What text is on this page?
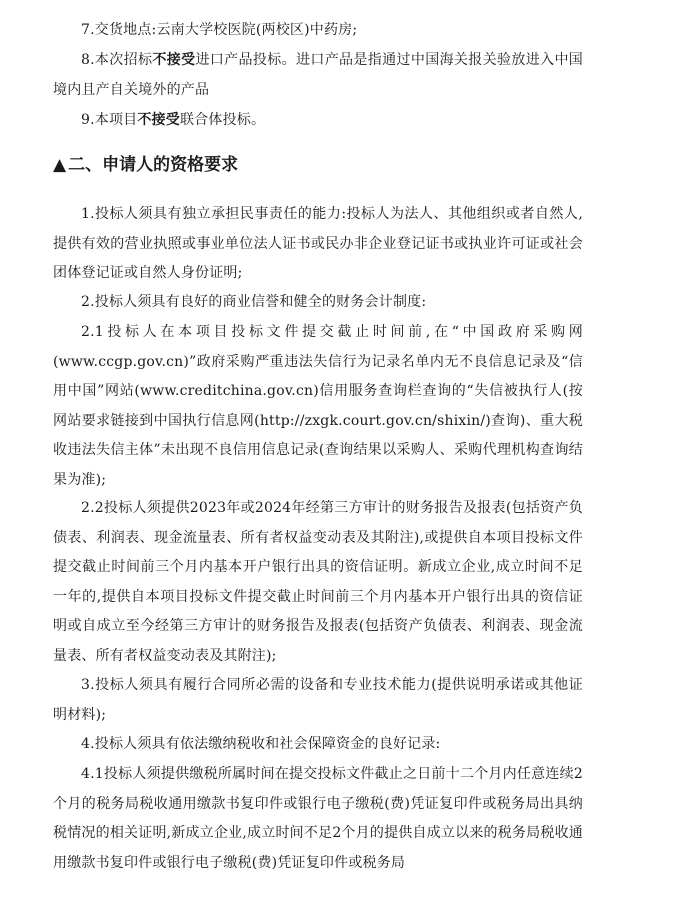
7.交货地点:云南大学校医院(两校区)中药房;

8.本次招标不接受进口产品投标。进口产品是指通过中国海关报关验放进入中国境内且产自关境外的产品

9.本项目不接受联合体投标。

▲ 二、申请人的资格要求

1.投标人须具有独立承担民事责任的能力:投标人为法人、其他组织或者自然人,提供有效的营业执照或事业单位法人证书或民办非企业登记证书或执业许可证或社会团体登记证或自然人身份证明;

2.投标人须具有良好的商业信誉和健全的财务会计制度:

2.1投标人在本项目投标文件提交截止时间前,在“中国政府采购网(www.ccgp.gov.cn)”政府采购严重违法失信行为记录名单内无不良信息记录及“信用中国”网站(www.creditchina.gov.cn)信用服务查询栏查询的“失信被执行人(按网站要求链接到中国执行信息网(http://zxgk.court.gov.cn/shixin/)查询)、重大税收违法失信主体”未出现不良信用信息记录(查询结果以采购人、采购代理机构查询结果为准);

2.2投标人须提供2023年或2024年经第三方审计的财务报告及报表(包括资产负债表、利润表、现金流量表、所有者权益变动表及其附注),或提供自本项目投标文件提交截止时间前三个月内基本开户银行出具的资信证明。新成立企业,成立时间不足一年的,提供自本项目投标文件提交截止时间前三个月内基本开户银行出具的资信证明或自成立至今经第三方审计的财务报告及报表(包括资产负债表、利润表、现金流量表、所有者权益变动表及其附注);

3.投标人须具有履行合同所必需的设备和专业技术能力(提供说明承诺或其他证明材料);

4.投标人须具有依法缴纳税收和社会保障资金的良好记录:

4.1投标人须提供缴税所属时间在提交投标文件截止之日前十二个月内任意连续2个月的税务局税收通用缴款书复印件或银行电子缴税(费)凭证复印件或税务局出具纳税情况的相关证明,新成立企业,成立时间不足2个月的提供自成立以来的税务局税收通用缴款书复印件或银行电子缴税(费)凭证复印件或税务局
